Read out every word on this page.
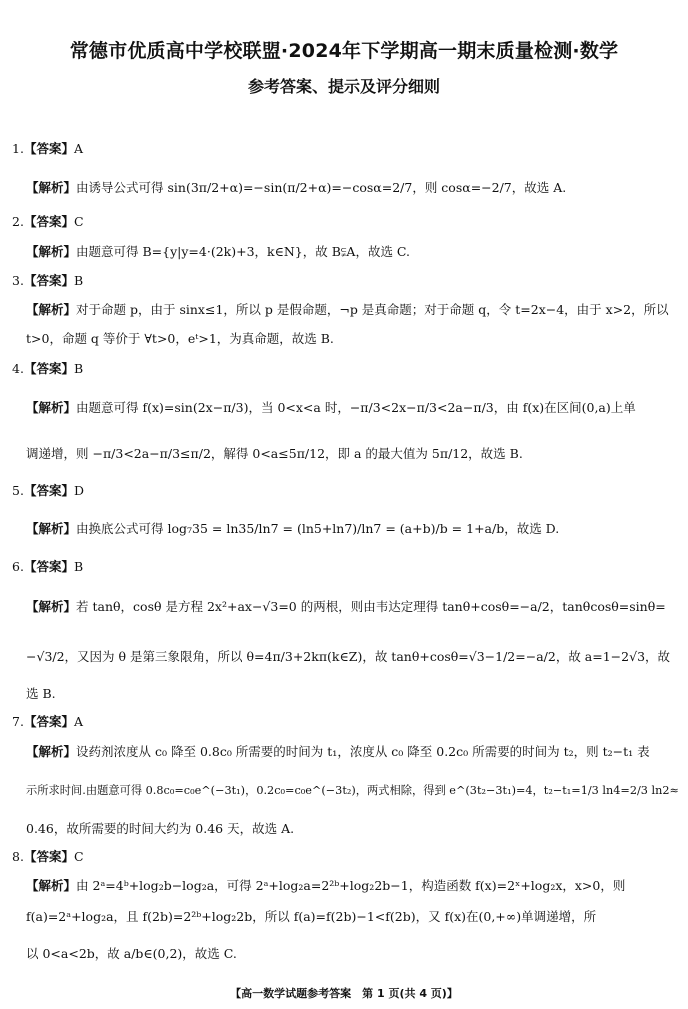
常德市优质高中学校联盟·2024年下学期高一期末质量检测·数学
参考答案、提示及评分细则
1.【答案】A
【解析】由诱导公式可得 sin(3π/2+α)=−sin(π/2+α)=−cosα=2/7，则 cosα=−2/7，故选 A.
2.【答案】C
【解析】由题意可得 B={y|y=4·(2k)+3，k∈N}，故 B⫋A，故选 C.
3.【答案】B
【解析】对于命题 p，由于 sinx≤1，所以 p 是假命题，¬p 是真命题；对于命题 q，令 t=2x−4，由于 x>2，所以
t>0，命题 q 等价于 ∀t>0，eᵗ>1，为真命题，故选 B.
4.【答案】B
【解析】由题意可得 f(x)=sin(2x−π/3)，当 0<x<a 时，−π/3<2x−π/3<2a−π/3，由 f(x)在区间(0,a)上单
调递增，则 −π/3<2a−π/3≤π/2，解得 0<a≤5π/12，即 a 的最大值为 5π/12，故选 B.
5.【答案】D
【解析】由换底公式可得 log₇35 = ln35/ln7 = (ln5+ln7)/ln7 = (a+b)/b = 1+a/b，故选 D.
6.【答案】B
【解析】若 tanθ，cosθ 是方程 2x²+ax−√3=0 的两根，则由韦达定理得 tanθ+cosθ=−a/2，tanθcosθ=sinθ=
−√3/2，又因为 θ 是第三象限角，所以 θ=4π/3+2kπ(k∈Z)，故 tanθ+cosθ=√3−1/2=−a/2，故 a=1−2√3，故
选 B.
7.【答案】A
【解析】设药剂浓度从 c₀ 降至 0.8c₀ 所需要的时间为 t₁，浓度从 c₀ 降至 0.2c₀ 所需要的时间为 t₂，则 t₂−t₁ 表
示所求时间.由题意可得 0.8c₀=c₀e^(−3t₁)，0.2c₀=c₀e^(−3t₂)，两式相除，得到 e^(3t₂−3t₁)=4，t₂−t₁=1/3 ln4=2/3 ln2≈
0.46，故所需要的时间大约为 0.46 天，故选 A.
8.【答案】C
【解析】由 2ᵃ=4ᵇ+log₂b−log₂a，可得 2ᵃ+log₂a=2²ᵇ+log₂2b−1，构造函数 f(x)=2ˣ+log₂x，x>0，则
f(a)=2ᵃ+log₂a，且 f(2b)=2²ᵇ+log₂2b，所以 f(a)=f(2b)−1<f(2b)，又 f(x)在(0,+∞)单调递增，所
以 0<a<2b，故 a/b∈(0,2)，故选 C.
【高一数学试题参考答案　第 1 页(共 4 页)】
